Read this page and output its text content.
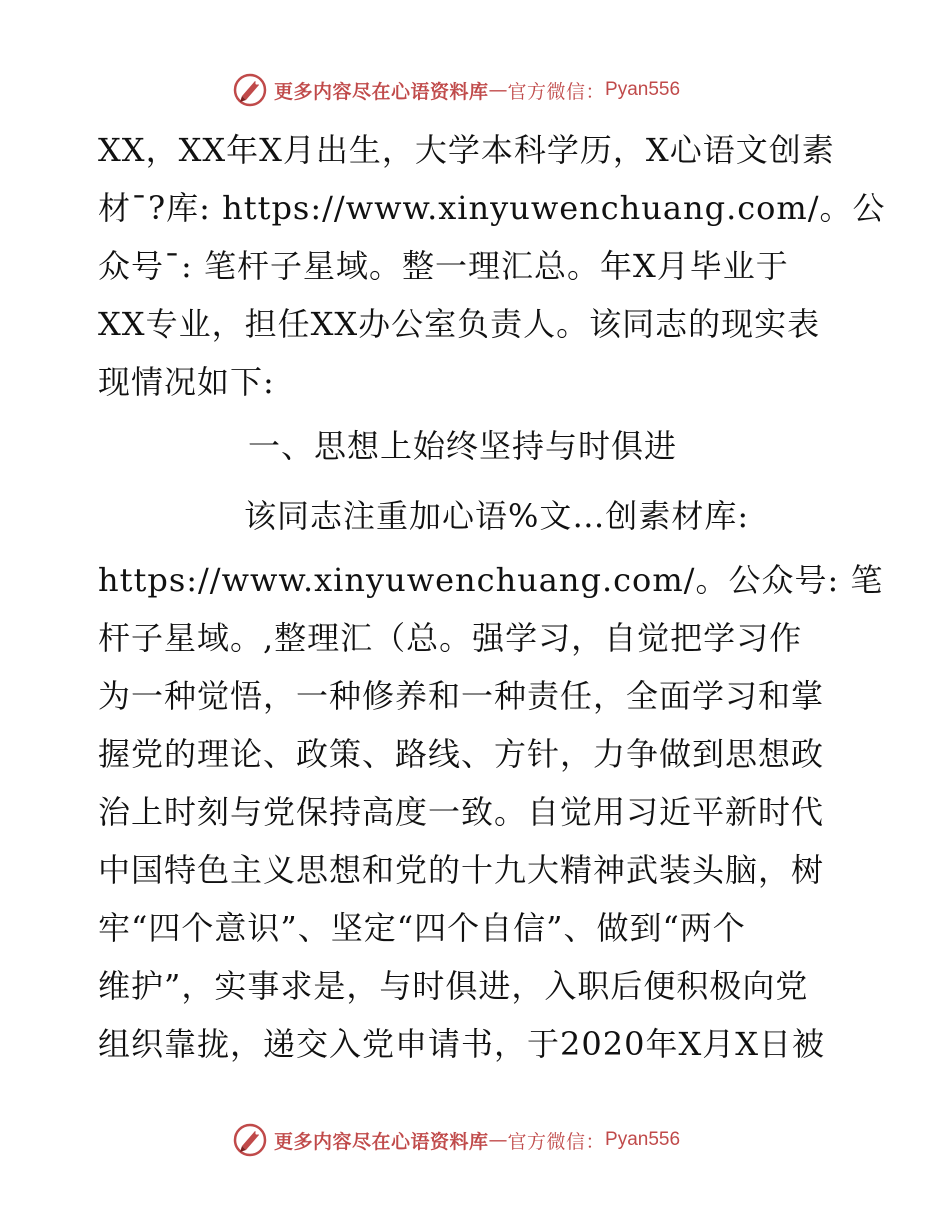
更多内容尽在心语资料库 — 官方微信： Pyan556
XX，XX年X月出生，大学本科学历，X心语文创素
材¯?库: https://www.xinyuwenchuang.com/。公
众号¯: 笔杆子星域。整一理汇总。年X月毕业于
XX专业，担任XX办公室负责人。该同志的现实表
现情况如下:
一、思想上始终坚持与时俱进
该同志注重加心语%文…创素材库:
https://www.xinyuwenchuang.com/。公众号: 笔
杆子星域。,整理汇（总。强学习，自觉把学习作
为一种觉悟，一种修养和一种责任，全面学习和掌
握党的理论、政策、路线、方针，力争做到思想政
治上时刻与党保持高度一致。自觉用习近平新时代
中国特色主义思想和党的十九大精神武装头脑，树
牢“四个意识”、坚定“四个自信”、做到“两个
维护”，实事求是，与时俱进，入职后便积极向党
组织靠拢，递交入党申请书，于2020年X月X日被
更多内容尽在心语资料库 — 官方微信： Pyan556
